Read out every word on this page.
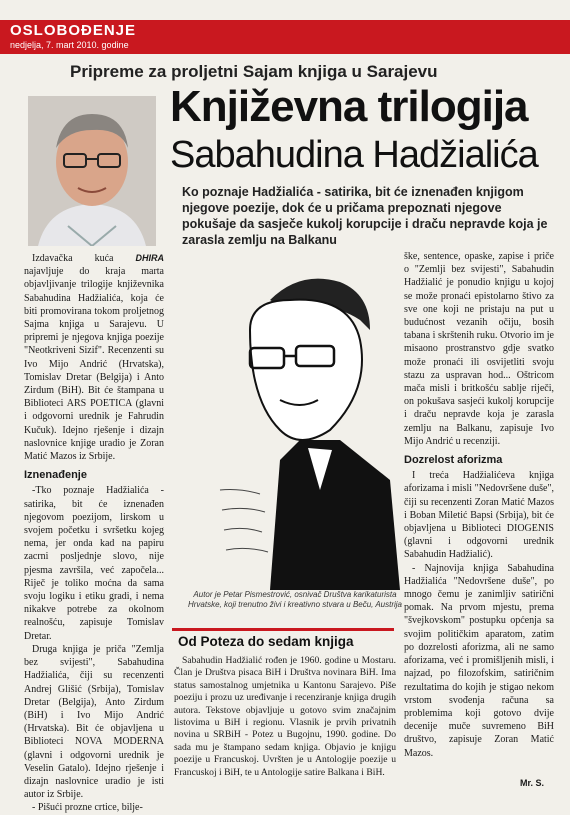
OSLOBOĐENJE
nedjelja, 7. mart 2010. godine
Pripreme za proljetni Sajam knjiga u Sarajevu
Književna trilogija
Sabahudina Hadžialića
Ko poznaje Hadžialića - satirika, bit će iznenađen knjigom njegove poezije, dok će u pričama prepoznati njegove pokušaje da sasječe kukolj korupcije i draču nepravde koja je zarasla zemlju na Balkanu

Izdavačka kuća DHIRA najavljuje do kraja marta objavljivanje trilogije književnika Sabahudina Hadžialića, koja će biti promovirana tokom proljetnog Sajma knjiga u Sarajevu. U pripremi je njegova knjiga poezije "Neotkriveni Sizif". Recenzenti su Ivo Mijo Andrić (Hrvatska), Tomislav Dretar (Belgija) i Anto Zirdum (BiH). Bit će štampana u Biblioteci ARS POETICA (glavni i odgovorni urednik je Fahrudin Kučuk). Idejno rješenje i dizajn naslovnice knjige uradio je Zoran Matić Mazos iz Srbije.

Iznenađenje

-Tko poznaje Hadžialića - satirika, bit će iznenađen njegovom poezijom, lirskom u svojem početku i svršetku kojeg nema, jer onda kad na papiru zacrni posljednje slovo, nije pjesma završila, već započela... Riječ je toliko moćna da sama svoju logiku i etiku gradi, i nema nikakve potrebe za okolnom realnošću, zapisuje Tomislav Dretar.

Druga knjiga je priča "Zemlja bez svijesti", Sabahudina Hadžialića, čiji su recenzenti Andrej Glišić (Srbija), Tomislav Dretar (Belgija), Anto Zirdum (BiH) i Ivo Mijo Andrić (Hrvatska). Bit će objavljena u Biblioteci NOVA MODERNA (glavni i odgovorni urednik je Veselin Gatalo). Idejno rješenje i dizajn naslovnice uradio je isti autor iz Srbije.

- Pišući prozne crtice, bilje-

Autor je Petar Pismestrović, osnivač Društva karikaturista Hrvatske, koji trenutno živi i kreativno stvara u Beču, Austrija
Od Poteza do sedam knjiga

Sabahudin Hadžialić rođen je 1960. godine u Mostaru. Član je Društva pisaca BiH i Društva novinara BiH. Ima status samostalnog umjetnika u Kantonu Sarajevo. Piše poeziju i prozu uz uređivanje i recenziranje knjiga drugih autora. Tekstove objavljuje u gotovo svim značajnim listovima u BiH i regionu. Vlasnik je prvih privatnih novina u SRBiH - Potez u Bugojnu, 1990. godine. Do sada mu je štampano sedam knjiga. Objavio je knjigu poezije u Francuskoj. Uvršten je u Antologije poezije u Francuskoj i BiH, te u Antologije satire Balkana i BiH.

ške, sentence, opaske, zapise i priče o "Zemlji bez svijesti", Sabahudin Hadžialić je ponudio knjigu u kojoj se može pronaći epistolarno štivo za sve one koji ne pristaju na put u budućnost vezanih očiju, bosih tabana i skrštenih ruku. Otvorio im je misaono prostranstvo gdje svatko može pronaći ili osvijetliti svoju stazu za uspravan hod... Oštricom mača misli i britkošću sablje riječi, on pokušava sasjeći kukolj korupcije i draču nepravde koja je zarasla zemlju na Balkanu, zapisuje Ivo Mijo Andrić u recenziji.

Dozrelost aforizma

I treća Hadžialićeva knjiga aforizama i misli "Nedovršene duše", čiji su recenzenti Zoran Matić Mazos i Boban Miletić Bapsi (Srbija), bit će objavljena u Biblioteci DIOGENIS (glavni i odgovorni urednik Sabahudin Hadžialić).

- Najnovija knjiga Sabahudina Hadžialića "Nedovršene duše", po mnogo čemu je zanimljiv satirični pomak. Na prvom mjestu, prema "švejkovskom" postupku općenja sa svojim političkim aparatom, zatim po dozrelosti aforizma, ali ne samo aforizama, već i promišljenih misli, i najzad, po filozofskim, satiričnim rezultatima do kojih je stigao nekom vrstom svođenja računa sa problemima koji gotovo dvije decenije muče suvremeno BiH društvo, zapisuje Zoran Matić Mazos.

Mr. S.
